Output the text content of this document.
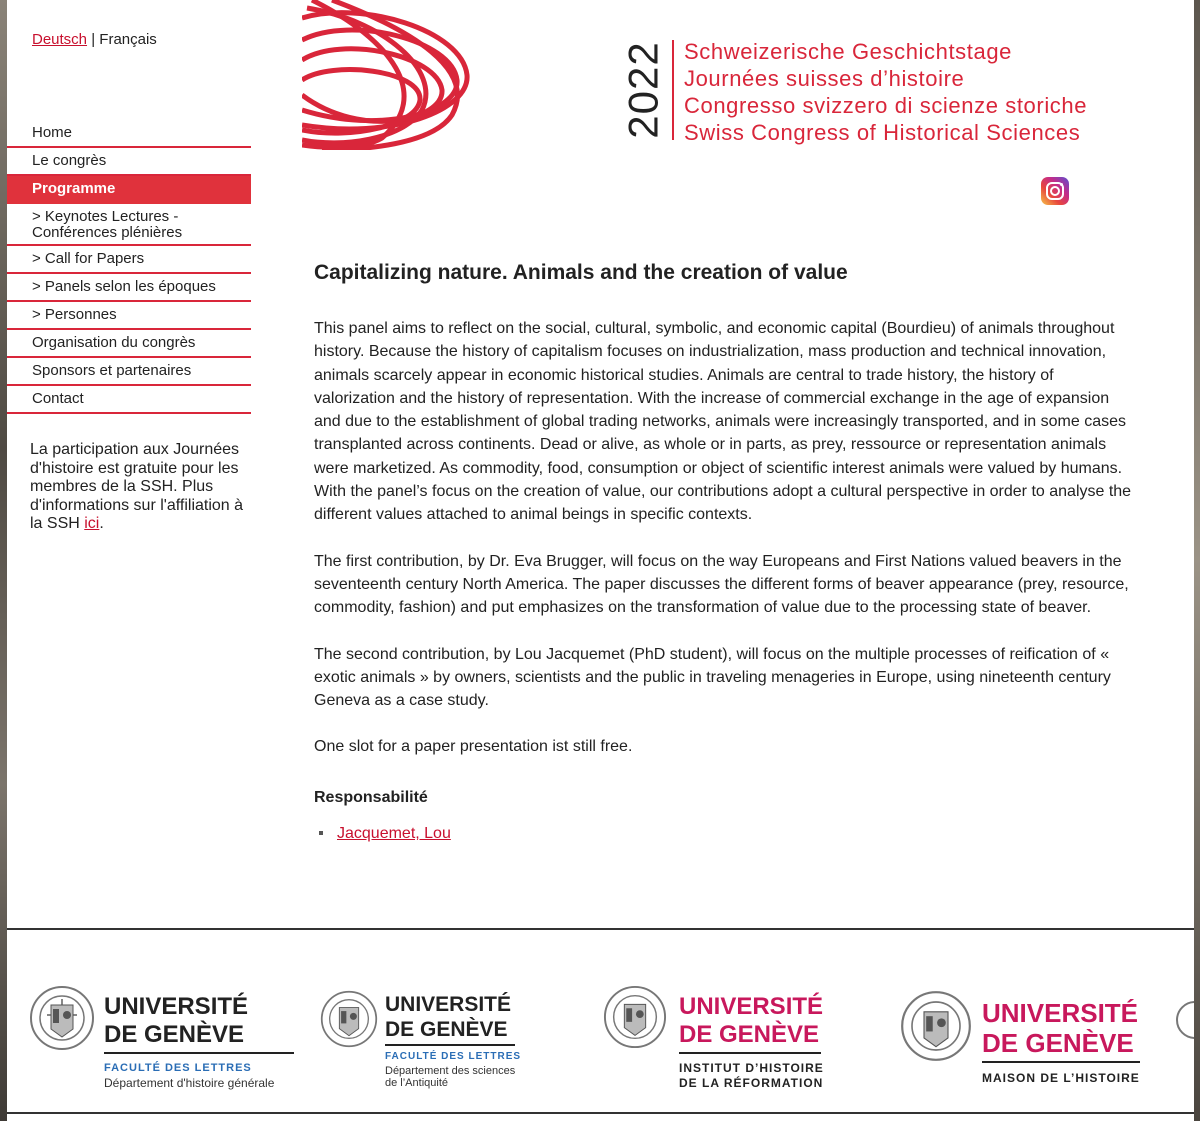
Deutsch | Français
2022 Schweizerische Geschichtstage
Journées suisses d’histoire
Congresso svizzero di scienze storiche
Swiss Congress of Historical Sciences
Home
Le congrès
Programme
> Keynotes Lectures -
Conférences plénières
> Call for Papers
> Panels selon les époques
> Personnes
Organisation du congrès
Sponsors et partenaires
Contact
La participation aux Journées d'histoire est gratuite pour les membres de la SSH. Plus d'informations sur l'affiliation à la SSH ici.
Capitalizing nature. Animals and the creation of value

This panel aims to reflect on the social, cultural, symbolic, and economic capital (Bourdieu) of animals throughout history. Because the history of capitalism focuses on industrialization, mass production and technical innovation, animals scarcely appear in economic historical studies. Animals are central to trade history, the history of valorization and the history of representation. With the increase of commercial exchange in the age of expansion and due to the establishment of global trading networks, animals were increasingly transported, and in some cases transplanted across continents. Dead or alive, as whole or in parts, as prey, ressource or representation animals were marketized. As commodity, food, consumption or object of scientific interest animals were valued by humans. With the panel’s focus on the creation of value, our contributions adopt a cultural perspective in order to analyse the different values attached to animal beings in specific contexts.

The first contribution, by Dr. Eva Brugger, will focus on the way Europeans and First Nations valued beavers in the seventeenth century North America. The paper discusses the different forms of beaver appearance (prey, resource, commodity, fashion) and put emphasizes on the transformation of value due to the processing state of beaver.

The second contribution, by Lou Jacquemet (PhD student), will focus on the multiple processes of reification of « exotic animals » by owners, scientists and the public in traveling menageries in Europe, using nineteenth century Geneva as a case study.

One slot for a paper presentation ist still free.

Responsabilité
Jacquemet, Lou
UNIVERSITÉ
DE GENÈVE
FACULTÉ DES LETTRES
Département d'histoire générale
UNIVERSITÉ
DE GENÈVE
FACULTÉ DES LETTRES
Département des sciences
de l’Antiquité
UNIVERSITÉ
DE GENÈVE
INSTITUT D’HISTOIRE
DE LA RÉFORMATION
UNIVERSITÉ
DE GENÈVE
MAISON DE L’HISTOIRE
